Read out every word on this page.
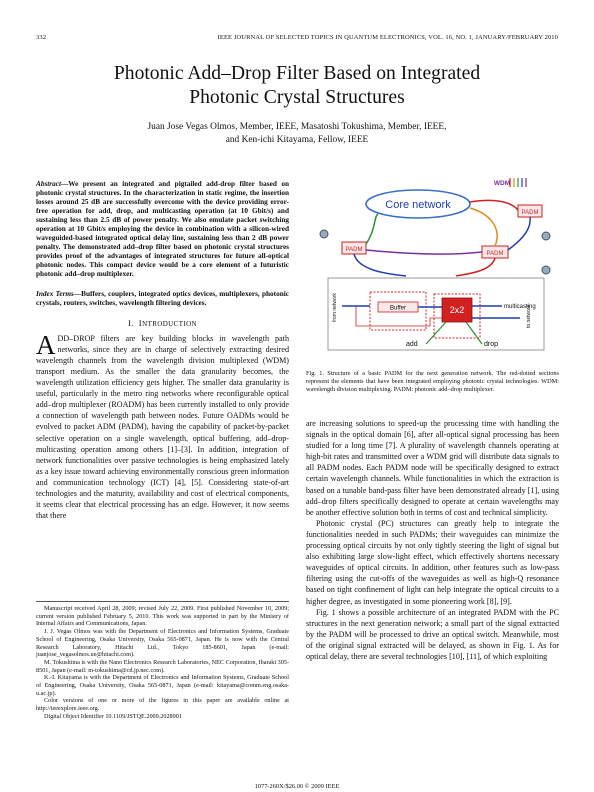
332	IEEE JOURNAL OF SELECTED TOPICS IN QUANTUM ELECTRONICS, VOL. 16, NO. 1, JANUARY/FEBRUARY 2010
Photonic Add–Drop Filter Based on Integrated
Photonic Crystal Structures
Juan Jose Vegas Olmos, Member, IEEE, Masatoshi Tokushima, Member, IEEE,
and Ken-ichi Kitayama, Fellow, IEEE

Abstract—We present an integrated and pigtailed add-drop filter based on photonic crystal structures. In the characterization in static regime, the insertion losses around 25 dB are successfully overcome with the device providing error-free operation for add, drop, and multicasting operation (at 10 Gbit/s) and sustaining less than 2.5 dB of power penalty. We also emulate packet switching operation at 10 Gbit/s employing the device in combination with a silicon-wired waveguided-based integrated optical delay line, sustaining less than 2 dB power penalty. The demonstrated add–drop filter based on photonic crystal structures provides proof of the advantages of integrated structures for future all-optical photonic nodes. This compact device would be a core element of a futuristic photonic add–drop multiplexer.

Index Terms—Buffers, couplers, integrated optics devices, multiplexers, photonic crystals, routers, switches, wavelength filtering devices.

I. INTRODUCTION

ADD–DROP filters are key building blocks in wavelength path networks, since they are in charge of selectively extracting desired wavelength channels from the wavelength division multiplexed (WDM) transport medium. As the smaller the data granularity becomes, the wavelength utilization efficiency gets higher. The smaller data granularity is useful, particularly in the metro ring networks where reconfigurable optical add–drop multiplexer (ROADM) has been currently installed to only provide a connection of wavelength path between nodes. Future OADMs would be evolved to packet ADM (PADM), having the capability of packet-by-packet selective operation on a single wavelength, optical buffering, add–drop-multicasting operation among others [1]–[3]. In addition, integration of network functionalities over passive technologies is being emphasized lately as a key issue toward achieving environmentally conscious green information and communication technology (ICT) [4], [5]. Considering state-of-art technologies and the maturity, availability and cost of electrical components, it seems clear that electrical processing has an edge. However, it now seems that there

Manuscript received April 28, 2009; revised July 22, 2009. First published November 10, 2009; current version published February 5, 2010. This work was supported in part by the Ministry of Internal Affairs and Communications, Japan.

J. J. Vegas Olmos was with the Department of Electronics and Information Systems, Graduate School of Engineering, Osaka University, Osaka 565-0871, Japan. He is now with the Central Research Laboratory, Hitachi Ltd., Tokyo 185-8601, Japan (e-mail: juanjose_vegasolmos.ue@hitachi.com).

M. Tokushima is with the Nano Electronics Research Laboratories, NEC Corporation, Ibaraki 305-8501, Japan (e-mail: m-tokushima@cd.jp.nec.com).

K.-I. Kitayama is with the Department of Electronics and Information Systems, Graduate School of Engineering, Osaka University, Osaka 565-0871, Japan (e-mail: kitayama@comm.eng.osaka-u.ac.jp).

Color versions of one or more of the figures in this paper are available online at http://ieeexplore.ieee.org.

Digital Object Identifier 10.1109/JSTQE.2009.2028901

Core network
WDM
PADM
PADM
PADM
from network	Buffer	2x2	multicasting
to network
add	drop
Fig. 1. Structure of a basic PADM for the next generation network. The red-dotted sections represent the elements that have been integrated employing photonic crystal technologies. WDM: wavelength division multiplexing. PADM: photonic add–drop multiplexer.

are increasing solutions to speed-up the processing time with handling the signals in the optical domain [6], after all-optical signal processing has been studied for a long time [7]. A plurality of wavelength channels operating at high-bit rates and transmitted over a WDM grid will distribute data signals to all PADM nodes. Each PADM node will be specifically designed to extract certain wavelength channels. While functionalities in which the extraction is based on a tunable band-pass filter have been demonstrated already [1], using add–drop filters specifically designed to operate at certain wavelengths may be another effective solution both in terms of cost and technical simplicity.

Photonic crystal (PC) structures can greatly help to integrate the functionalities needed in such PADMs; their waveguides can minimize the processing optical circuits by not only tightly steering the light of signal but also exhibiting large slow-light effect, which effectively shortens necessary waveguides of optical circuits. In addition, other features such as low-pass filtering using the cut-offs of the waveguides as well as high-Q resonance based on tight confinement of light can help integrate the optical circuits to a higher degree, as investigated in some pioneering work [8], [9].

Fig. 1 shows a possible architecture of an integrated PADM with the PC structures in the next generation network; a small part of the signal extracted by the PADM will be processed to drive an optical switch. Meanwhile, most of the original signal extracted will be delayed, as shown in Fig. 1. As for optical delay, there are several technologies [10], [11], of which exploiting

1077-260X/$26.00 © 2009 IEEE
